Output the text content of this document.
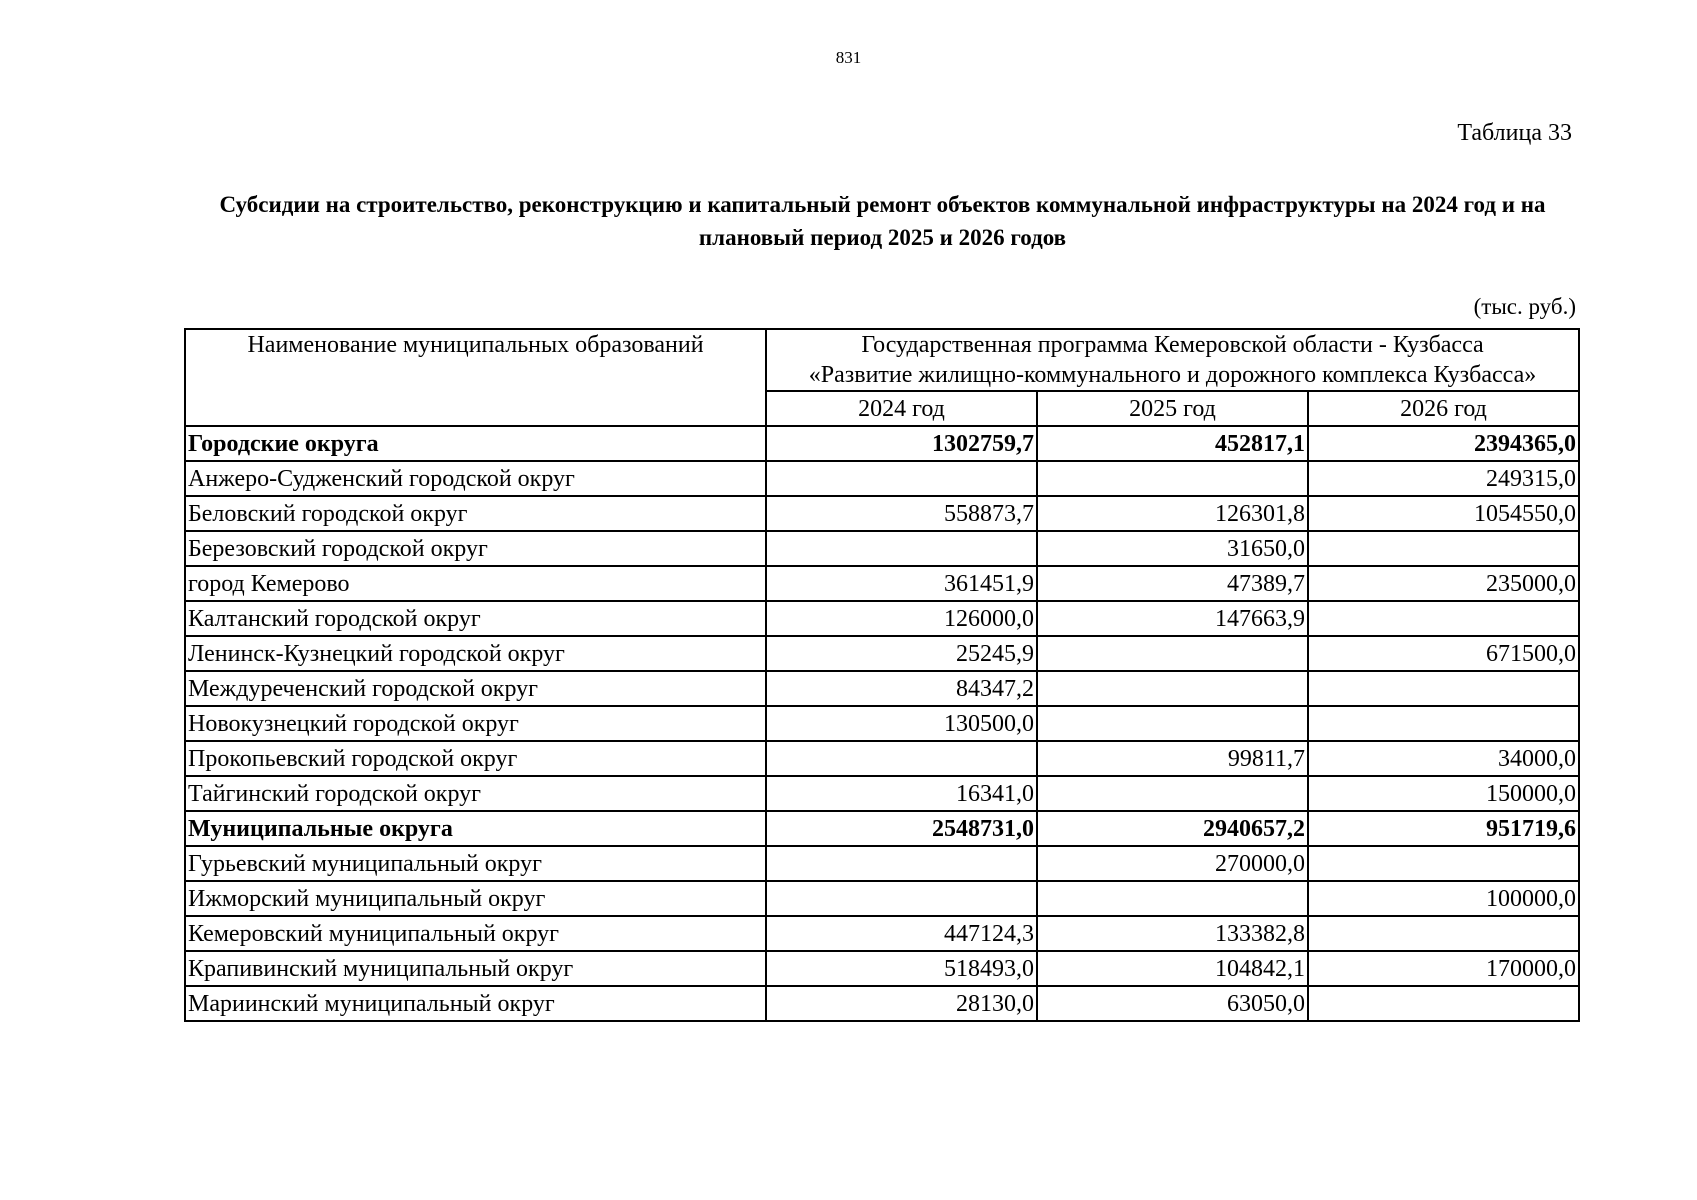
831
Таблица 33
Субсидии на строительство, реконструкцию и капитальный ремонт объектов коммунальной инфраструктуры на 2024 год и на плановый период 2025 и 2026 годов
(тыс. руб.)
Наименование муниципальных образований	Государственная программа Кемеровской области - Кузбасса
«Развитие жилищно-коммунального и дорожного комплекса Кузбасса»		

	2024 год	2025 год	2026 год
Городские округа	1302759,7	452817,1	2394365,0
Анжеро-Судженский городской округ			249315,0
Беловский городской округ	558873,7	126301,8	1054550,0
Березовский городской округ		31650,0	
город Кемерово	361451,9	47389,7	235000,0
Калтанский городской округ	126000,0	147663,9	
Ленинск-Кузнецкий городской округ	25245,9		671500,0
Междуреченский городской округ	84347,2		
Новокузнецкий городской округ	130500,0		
Прокопьевский городской округ		99811,7	34000,0
Тайгинский городской округ	16341,0		150000,0
Муниципальные округа	2548731,0	2940657,2	951719,6
Гурьевский муниципальный округ		270000,0	
Ижморский муниципальный округ			100000,0
Кемеровский муниципальный округ	447124,3	133382,8	
Крапивинский муниципальный округ	518493,0	104842,1	170000,0
Мариинский муниципальный округ	28130,0	63050,0	
